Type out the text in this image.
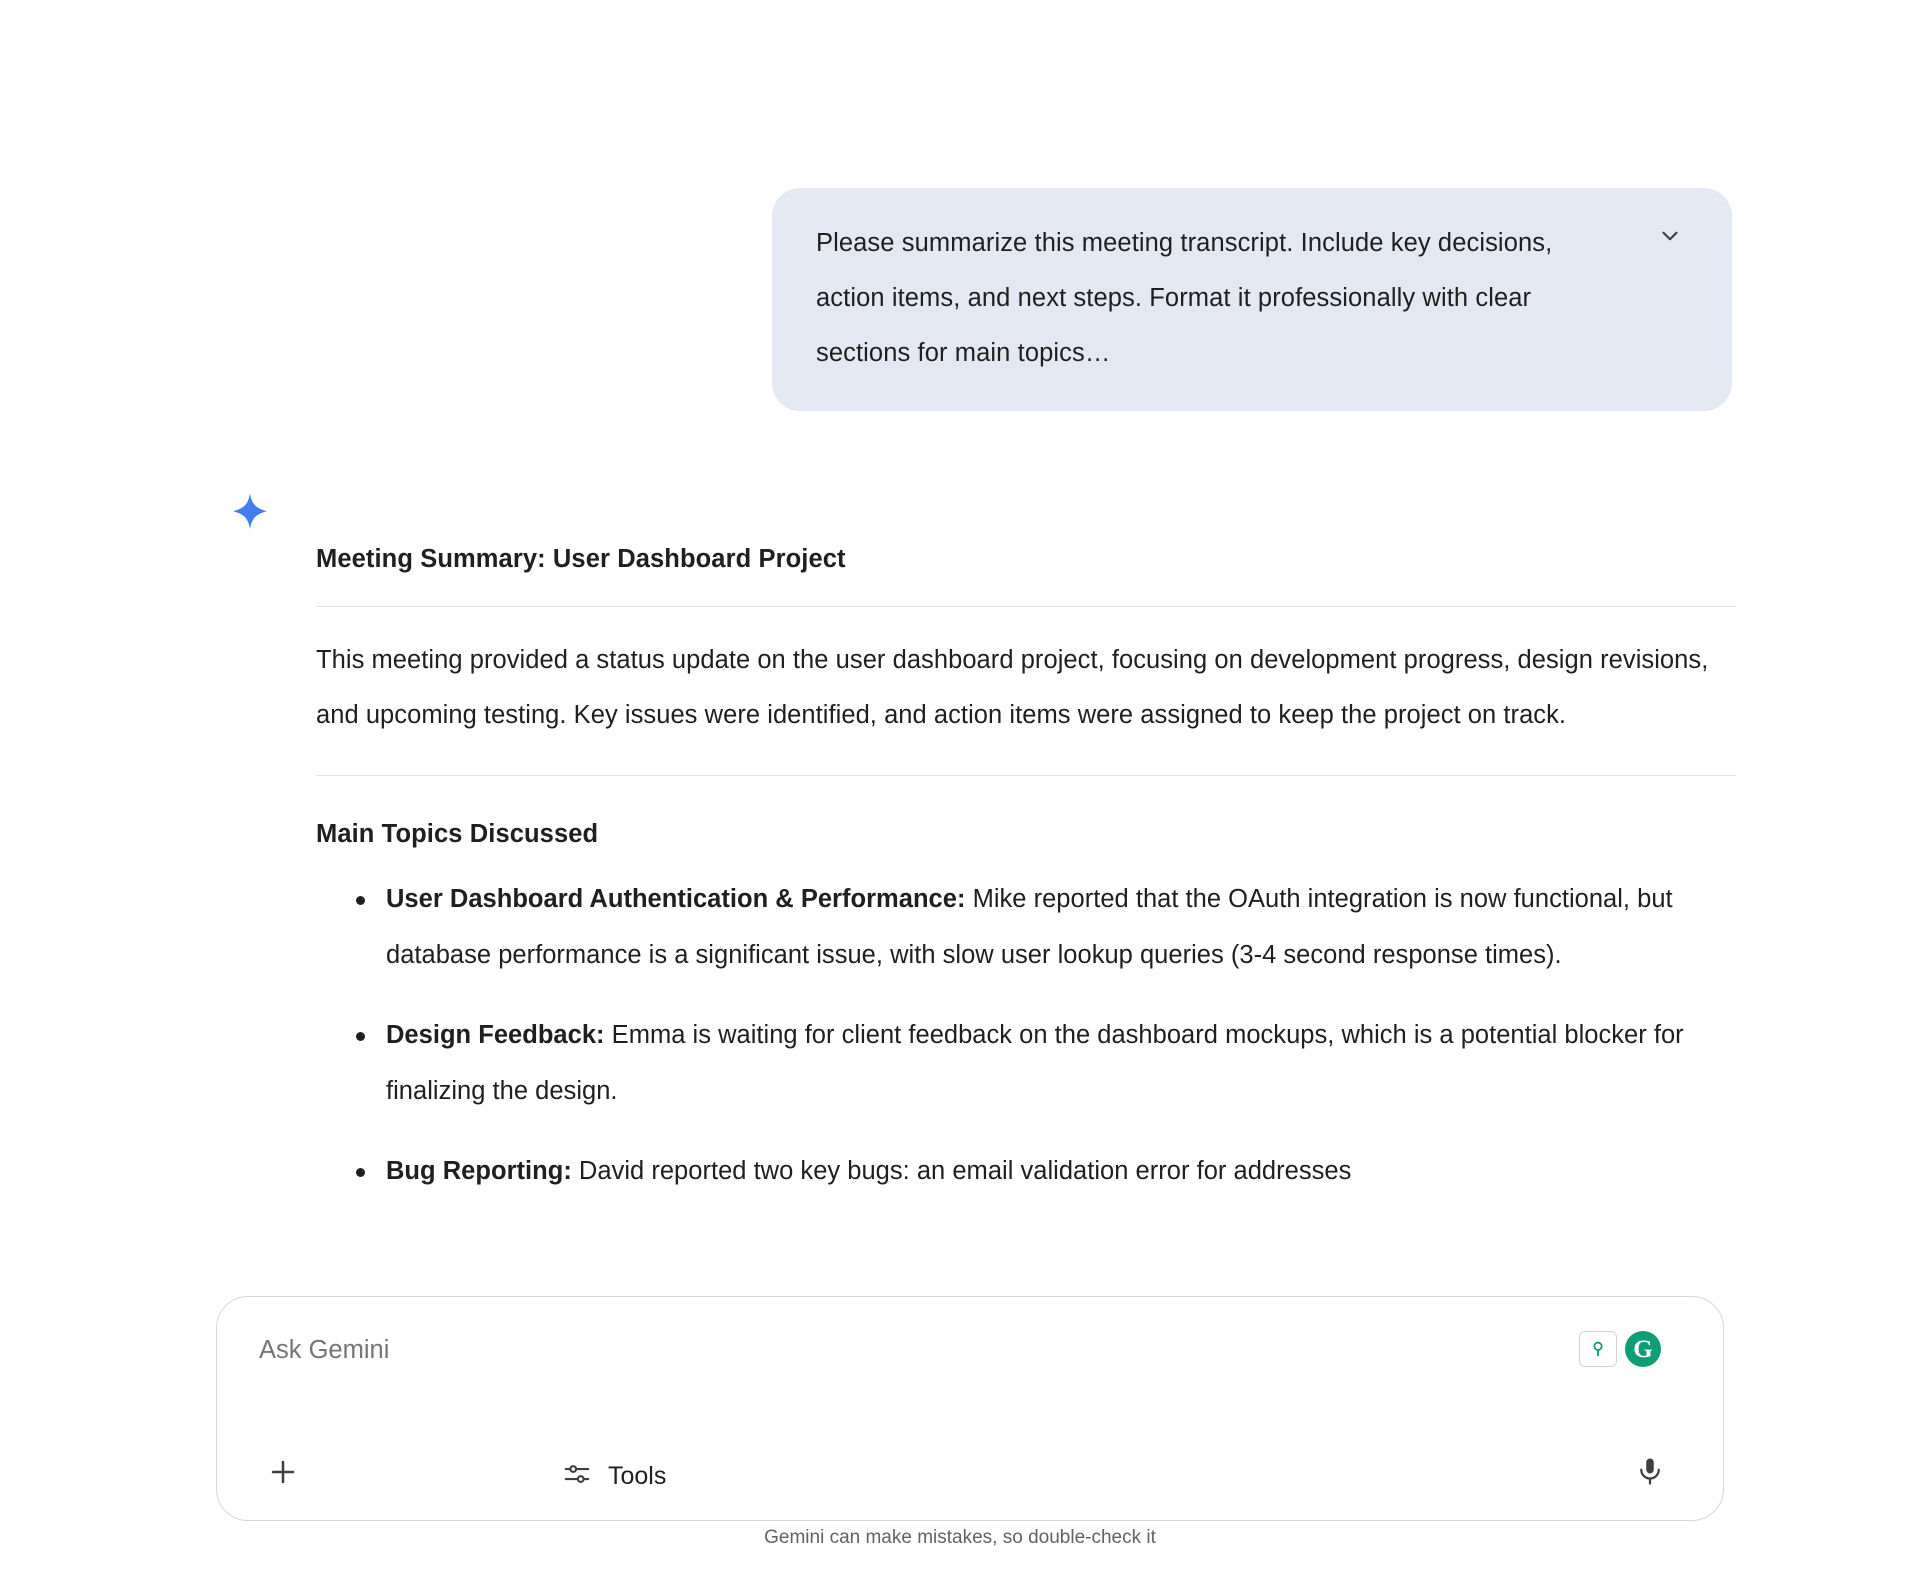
Please summarize this meeting transcript. Include key decisions, action items, and next steps. Format it professionally with clear sections for main topics…
Meeting Summary: User Dashboard Project
This meeting provided a status update on the user dashboard project, focusing on development progress, design revisions, and upcoming testing. Key issues were identified, and action items were assigned to keep the project on track.
Main Topics Discussed
User Dashboard Authentication & Performance: Mike reported that the OAuth integration is now functional, but database performance is a significant issue, with slow user lookup queries (3-4 second response times).
Design Feedback: Emma is waiting for client feedback on the dashboard mockups, which is a potential blocker for finalizing the design.
Bug Reporting: David reported two key bugs: an email validation error for addresses
Ask Gemini
G
Tools
Gemini can make mistakes, so double-check it
